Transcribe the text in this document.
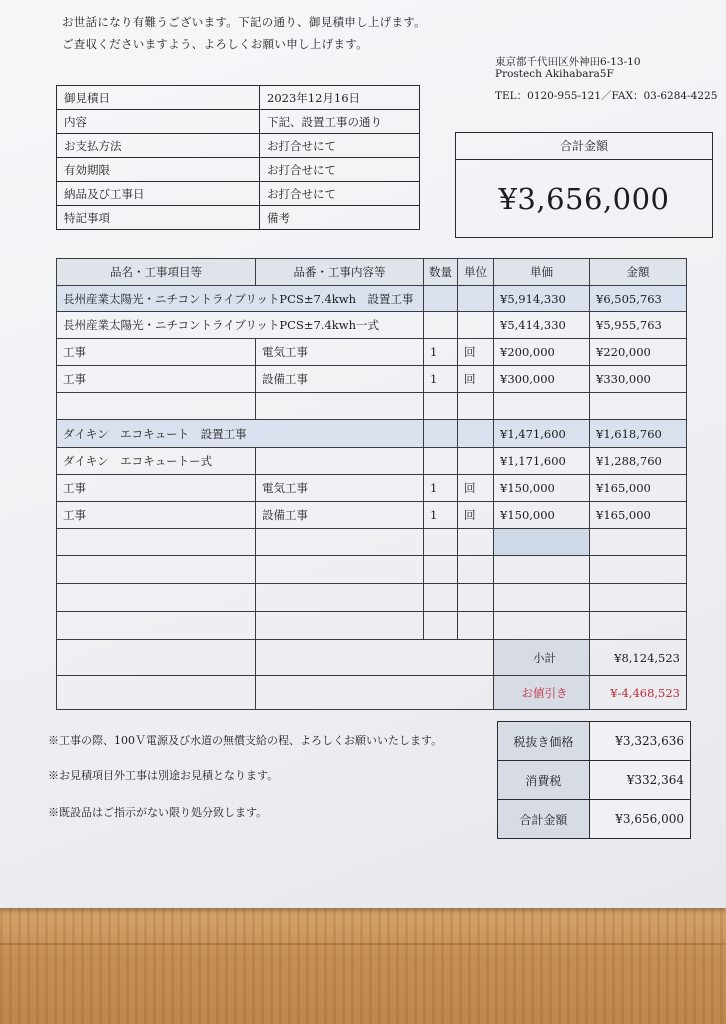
お世話になり有難うございます。下記の通り、御見積申し上げます。
ご査収くださいますよう、よろしくお願い申し上げます。
東京都千代田区外神田6-13-10
Prostech Akihabara5F
TEL：0120-955-121／FAX：03-6284-4225
御見積日	2023年12月16日
内容	下記、設置工事の通り
お支払方法	お打合せにて
有効期限	お打合せにて
納品及び工事日	お打合せにて
特記事項	備考
合計金額
¥3,656,000
品名・工事項目等	品番・工事内容等	数量	単位	単価	金額
長州産業太陽光・ニチコントライブリットPCS±7.4kwh　設置工事				¥5,914,330	¥6,505,763
長州産業太陽光・ニチコントライブリットPCS±7.4kwh一式				¥5,414,330	¥5,955,763
工事	電気工事	1	回	¥200,000	¥220,000
工事	設備工事	1	回	¥300,000	¥330,000

ダイキン　エコキュート　設置工事				¥1,471,600	¥1,618,760
ダイキン　エコキュートー式				¥1,171,600	¥1,288,760
工事	電気工事	1	回	¥150,000	¥165,000
工事	設備工事	1	回	¥150,000	¥165,000

				小計	¥8,124,523
				お値引き	¥-4,468,523
税抜き価格	¥3,323,636
消費税	¥332,364
合計金額	¥3,656,000
※工事の際、100Ｖ電源及び水道の無償支給の程、よろしくお願いいたします。
※お見積項目外工事は別途お見積となります。
※既設品はご指示がない限り処分致します。
